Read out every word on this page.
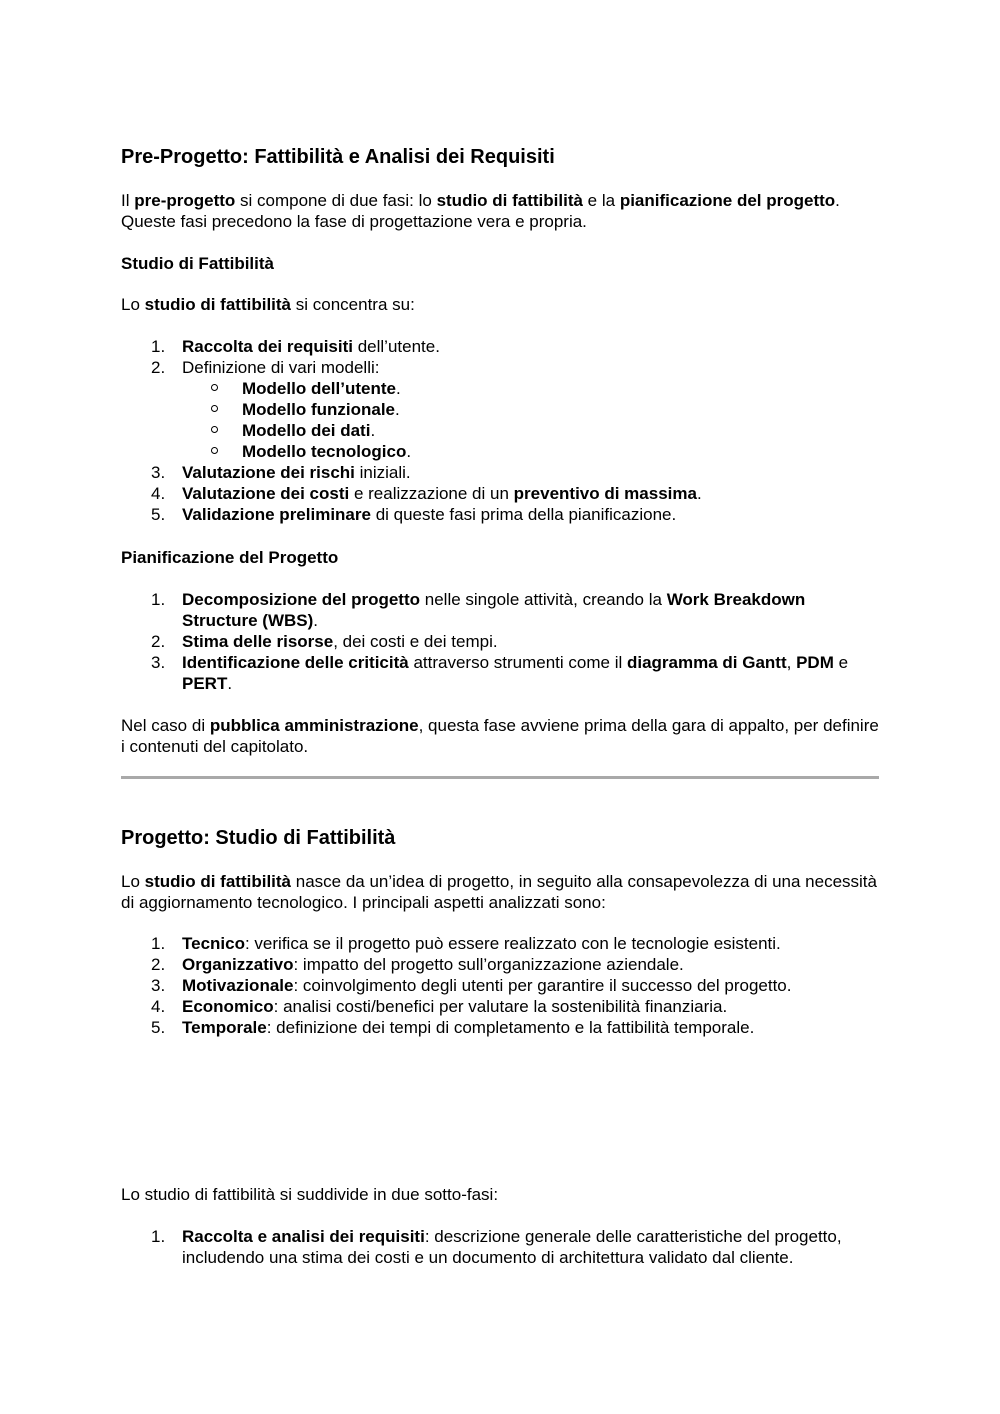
Pre-Progetto: Fattibilità e Analisi dei Requisiti

Il pre-progetto si compone di due fasi: lo studio di fattibilità e la pianificazione del progetto. Queste fasi precedono la fase di progettazione vera e propria.

Studio di Fattibilità

Lo studio di fattibilità si concentra su:

1. Raccolta dei requisiti dell’utente.
2. Definizione di vari modelli:
Modello dell’utente.
Modello funzionale.
Modello dei dati.
Modello tecnologico.
3. Valutazione dei rischi iniziali.
4. Valutazione dei costi e realizzazione di un preventivo di massima.
5. Validazione preliminare di queste fasi prima della pianificazione.
Pianificazione del Progetto
1. Decomposizione del progetto nelle singole attività, creando la Work Breakdown Structure (WBS).
2. Stima delle risorse, dei costi e dei tempi.
3. Identificazione delle criticità attraverso strumenti come il diagramma di Gantt, PDM e PERT.

Nel caso di pubblica amministrazione, questa fase avviene prima della gara di appalto, per definire i contenuti del capitolato.

Progetto: Studio di Fattibilità

Lo studio di fattibilità nasce da un’idea di progetto, in seguito alla consapevolezza di una necessità di aggiornamento tecnologico. I principali aspetti analizzati sono:

1. Tecnico: verifica se il progetto può essere realizzato con le tecnologie esistenti.
2. Organizzativo: impatto del progetto sull’organizzazione aziendale.
3. Motivazionale: coinvolgimento degli utenti per garantire il successo del progetto.
4. Economico: analisi costi/benefici per valutare la sostenibilità finanziaria.
5. Temporale: definizione dei tempi di completamento e la fattibilità temporale.

Lo studio di fattibilità si suddivide in due sotto-fasi:

1. Raccolta e analisi dei requisiti: descrizione generale delle caratteristiche del progetto, includendo una stima dei costi e un documento di architettura validato dal cliente.
